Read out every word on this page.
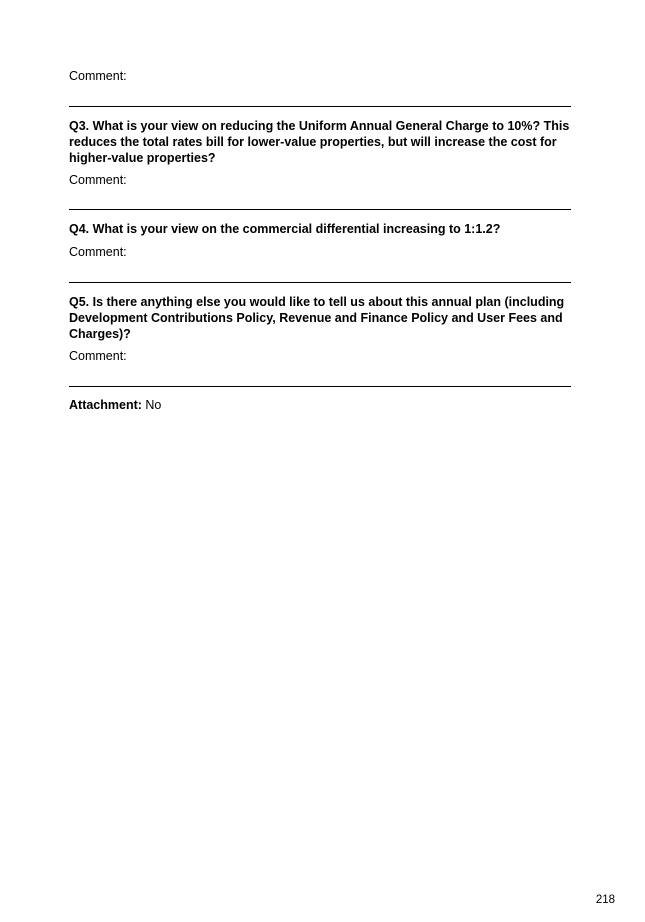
Comment:

Q3. What is your view on reducing the Uniform Annual General Charge to 10%? This reduces the total rates bill for lower-value properties, but will increase the cost for higher-value properties?

Comment:

Q4. What is your view on the commercial differential increasing to 1:1.2?

Comment:

Q5. Is there anything else you would like to tell us about this annual plan (including Development Contributions Policy, Revenue and Finance Policy and User Fees and Charges)?

Comment:

Attachment: No

218
